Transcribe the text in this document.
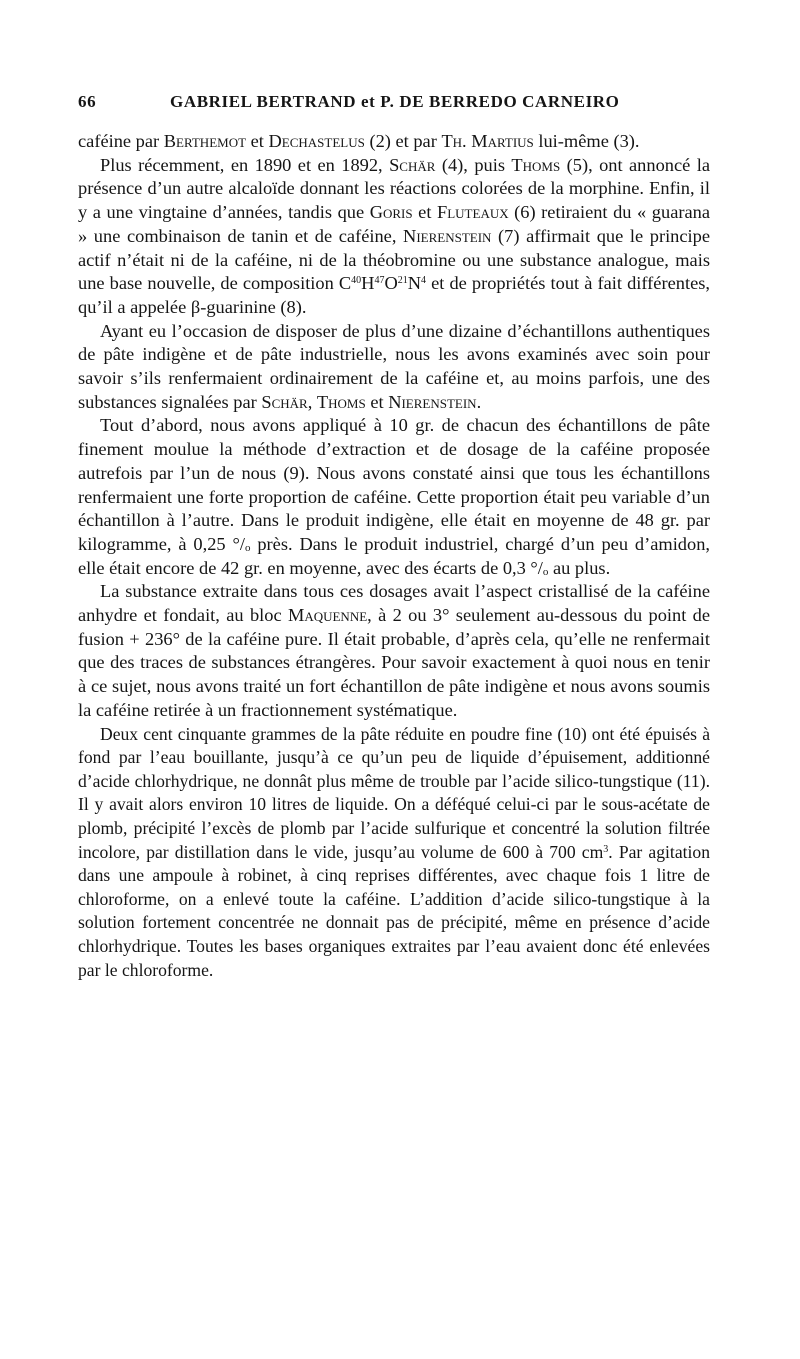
66	GABRIEL BERTRAND et P. DE BERREDO CARNEIRO

caféine par Berthemot et Dechastelus (2) et par Th. Martius lui-même (3).

Plus récemment, en 1890 et en 1892, Schär (4), puis Thoms (5), ont annoncé la présence d’un autre alcaloïde donnant les réactions colorées de la morphine. Enfin, il y a une vingtaine d’années, tandis que Goris et Fluteaux (6) retiraient du « guarana » une combinaison de tanin et de caféine, Nierenstein (7) affirmait que le principe actif n’était ni de la caféine, ni de la théobromine ou une substance analogue, mais une base nouvelle, de composition $C^{40}H^{47}O^{21}N^4$ et de propriétés tout à fait différentes, qu’il a appelée β-guarinine (8).

Ayant eu l’occasion de disposer de plus d’une dizaine d’échantillons authentiques de pâte indigène et de pâte industrielle, nous les avons examinés avec soin pour savoir s’ils renfermaient ordinairement de la caféine et, au moins parfois, une des substances signalées par Schär, Thoms et Nierenstein.

Tout d’abord, nous avons appliqué à 10 gr. de chacun des échantillons de pâte finement moulue la méthode d’extraction et de dosage de la caféine proposée autrefois par l’un de nous (9). Nous avons constaté ainsi que tous les échantillons renfermaient une forte proportion de caféine. Cette proportion était peu variable d’un échantillon à l’autre. Dans le produit indigène, elle était en moyenne de 48 gr. par kilogramme, à 0,25 $^\circ/_o$ près. Dans le produit industriel, chargé d’un peu d’amidon, elle était encore de 42 gr. en moyenne, avec des écarts de 0,3 $^\circ/_o$ au plus.

La substance extraite dans tous ces dosages avait l’aspect cristallisé de la caféine anhydre et fondait, au bloc Maquenne, à 2 ou 3° seulement au-dessous du point de fusion + 236° de la caféine pure. Il était probable, d’après cela, qu’elle ne renfermait que des traces de substances étrangères. Pour savoir exactement à quoi nous en tenir à ce sujet, nous avons traité un fort échantillon de pâte indigène et nous avons soumis la caféine retirée à un fractionnement systématique.

Deux cent cinquante grammes de la pâte réduite en poudre fine (10) ont été épuisés à fond par l’eau bouillante, jusqu’à ce qu’un peu de liquide d’épuisement, additionné d’acide chlorhydrique, ne donnât plus même de trouble par l’acide silico-tungstique (11). Il y avait alors environ 10 litres de liquide. On a déféqué celui-ci par le sous-acétate de plomb, précipité l’excès de plomb par l’acide sulfurique et concentré la solution filtrée incolore, par distillation dans le vide, jusqu’au volume de 600 à 700 $cm^3$. Par agitation dans une ampoule à robinet, à cinq reprises différentes, avec chaque fois 1 litre de chloroforme, on a enlevé toute la caféine. L’addition d’acide silico-tungstique à la solution fortement concentrée ne donnait pas de précipité, même en présence d’acide chlorhydrique. Toutes les bases organiques extraites par l’eau avaient donc été enlevées par le chloroforme.
